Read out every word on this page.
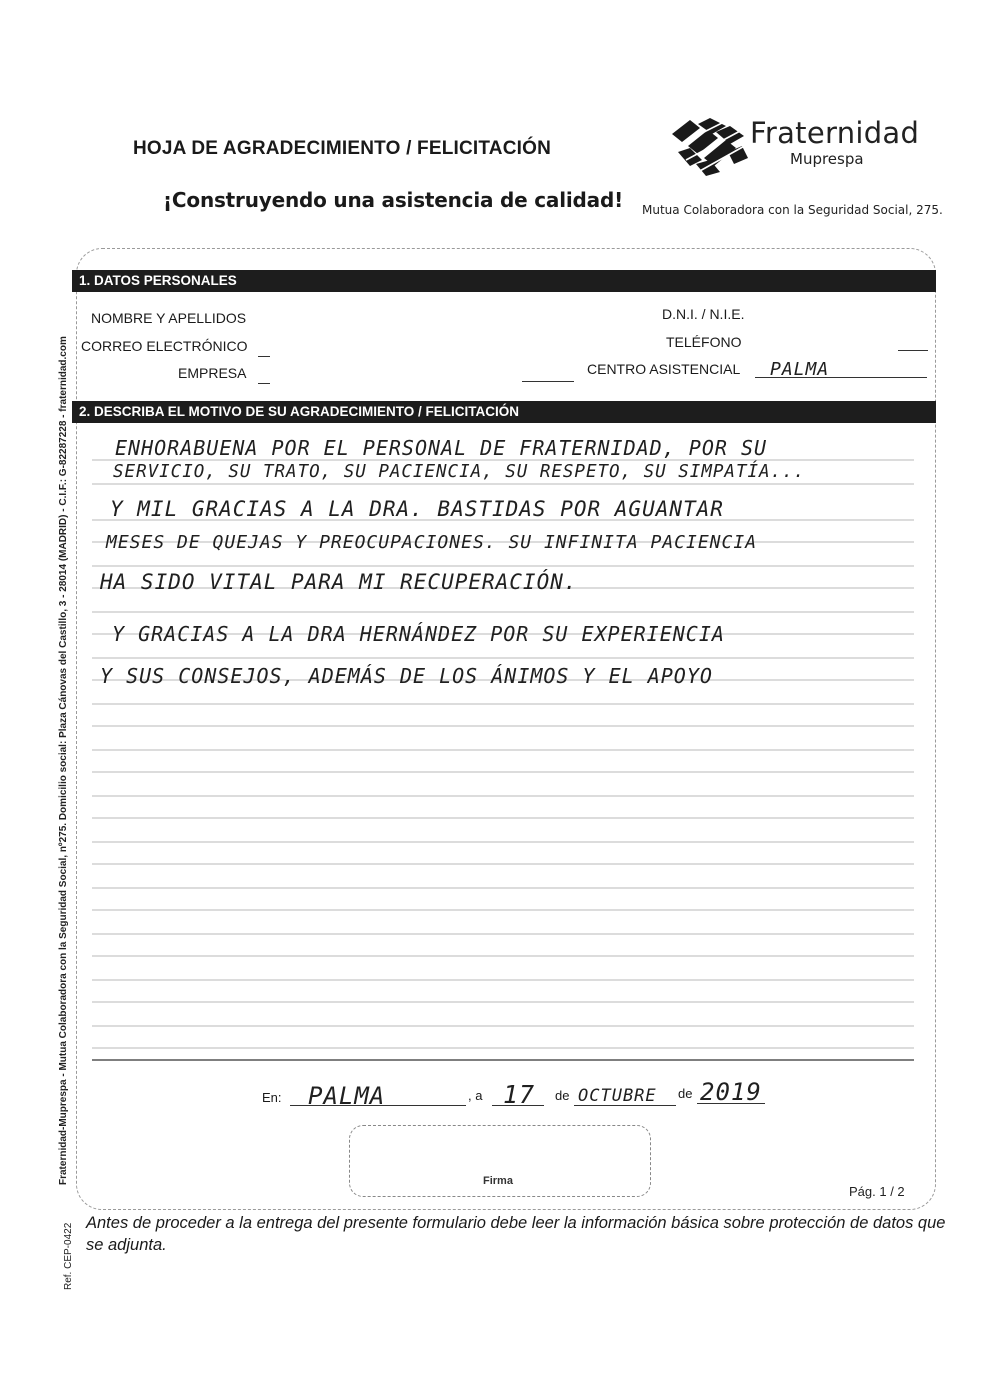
HOJA DE AGRADECIMIENTO / FELICITACIÓN
¡Construyendo una asistencia de calidad!
Fraternidad
Muprespa
Mutua Colaboradora con la Seguridad Social, 275.
Fraternidad-Muprespa - Mutua Colaboradora con la Seguridad Social, nº275. Domicilio social: Plaza Cánovas del Castillo, 3 - 28014 (MADRID) - C.I.F.: G-82287228 - fraternidad.com
Ref. CEP-0422
1. DATOS PERSONALES
NOMBRE Y APELLIDOS
CORREO ELECTRÓNICO
EMPRESA
D.N.I. / N.I.E.
TELÉFONO
CENTRO ASISTENCIAL PALMA
2. DESCRIBA EL MOTIVO DE SU AGRADECIMIENTO / FELICITACIÓN
ENHORABUENA POR EL PERSONAL DE FRATERNIDAD, POR SU
SERVICIO, SU TRATO, SU PACIENCIA, SU RESPETO, SU SIMPATÍA...
Y MIL GRACIAS A LA DRA. BASTIDAS POR AGUANTAR
MESES DE QUEJAS Y PREOCUPACIONES. SU INFINITA PACIENCIA
HA SIDO VITAL PARA MI RECUPERACIÓN.
Y GRACIAS A LA DRA HERNÁNDEZ POR SU EXPERIENCIA
Y SUS CONSEJOS, ADEMÁS DE LOS ÁNIMOS Y EL APOYO
En: PALMA	, a 17 de OCTUBRE de 2019
Firma
Pág. 1 / 2
Antes de proceder a la entrega del presente formulario debe leer la información básica sobre protección de datos que se adjunta.
